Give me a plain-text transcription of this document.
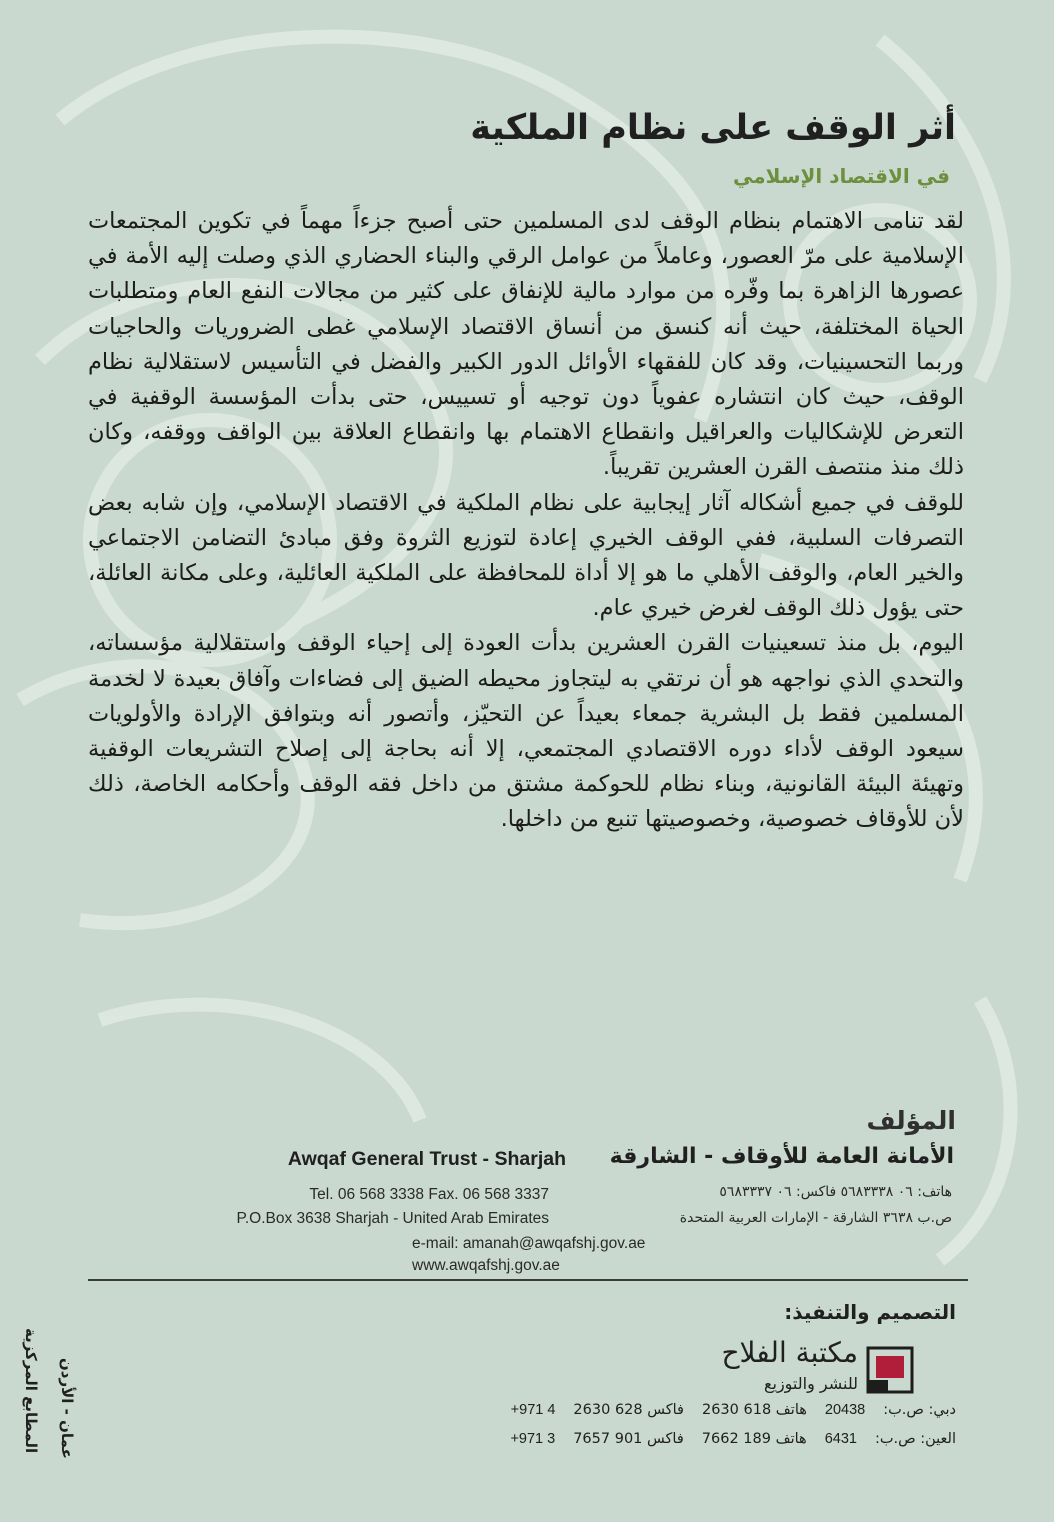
أثر الوقف على نظام الملكية
في الاقتصاد الإسلامي

لقد تنامى الاهتمام بنظام الوقف لدى المسلمين حتى أصبح جزءاً مهماً في تكوين المجتمعات الإسلامية على مرّ العصور، وعاملاً من عوامل الرقي والبناء الحضاري الذي وصلت إليه الأمة في عصورها الزاهرة بما وفّره من موارد مالية للإنفاق على كثير من مجالات النفع العام ومتطلبات الحياة المختلفة، حيث أنه كنسق من أنساق الاقتصاد الإسلامي غطى الضروريات والحاجيات وربما التحسينيات، وقد كان للفقهاء الأوائل الدور الكبير والفضل في التأسيس لاستقلالية نظام الوقف، حيث كان انتشاره عفوياً دون توجيه أو تسييس، حتى بدأت المؤسسة الوقفية في التعرض للإشكاليات والعراقيل وانقطاع الاهتمام بها وانقطاع العلاقة بين الواقف ووقفه، وكان ذلك منذ منتصف القرن العشرين تقريباً.

للوقف في جميع أشكاله آثار إيجابية على نظام الملكية في الاقتصاد الإسلامي، وإن شابه بعض التصرفات السلبية، ففي الوقف الخيري إعادة لتوزيع الثروة وفق مبادئ التضامن الاجتماعي والخير العام، والوقف الأهلي ما هو إلا أداة للمحافظة على الملكية العائلية، وعلى مكانة العائلة، حتى يؤول ذلك الوقف لغرض خيري عام.

اليوم، بل منذ تسعينيات القرن العشرين بدأت العودة إلى إحياء الوقف واستقلالية مؤسساته، والتحدي الذي نواجهه هو أن نرتقي به ليتجاوز محيطه الضيق إلى فضاءات وآفاق بعيدة لا لخدمة المسلمين فقط بل البشرية جمعاء بعيداً عن التحيّز، وأتصور أنه وبتوافق الإرادة والأولويات سيعود الوقف لأداء دوره الاقتصادي المجتمعي، إلا أنه بحاجة إلى إصلاح التشريعات الوقفية وتهيئة البيئة القانونية، وبناء نظام للحوكمة مشتق من داخل فقه الوقف وأحكامه الخاصة، ذلك لأن للأوقاف خصوصية، وخصوصيتها تنبع من داخلها.

المؤلف
Awqaf General Trust - Sharjah الأمانة العامة للأوقاف - الشارقة
Tel. 06 568 3338 Fax. 06 568 3337	هاتف: ٠٦ ٥٦٨٣٣٣٨ فاكس: ٠٦ ٥٦٨٣٣٣٧
P.O.Box 3638 Sharjah - United Arab Emirates	ص.ب ٣٦٣٨ الشارقة - الإمارات العربية المتحدة
e-mail: amanah@awqafshj.gov.ae
www.awqafshj.gov.ae
التصميم والتنفيذ:
مكتبة الفلاح
للنشر والتوزيع
دبي: ص.ب:
20438
هاتف 618 2630
فاكس 628 2630
+971 4
العين: ص.ب:
6431
هاتف 189 7662
فاكس 901 7657
+971 3
المطابع المركزية عمان - الأردن
